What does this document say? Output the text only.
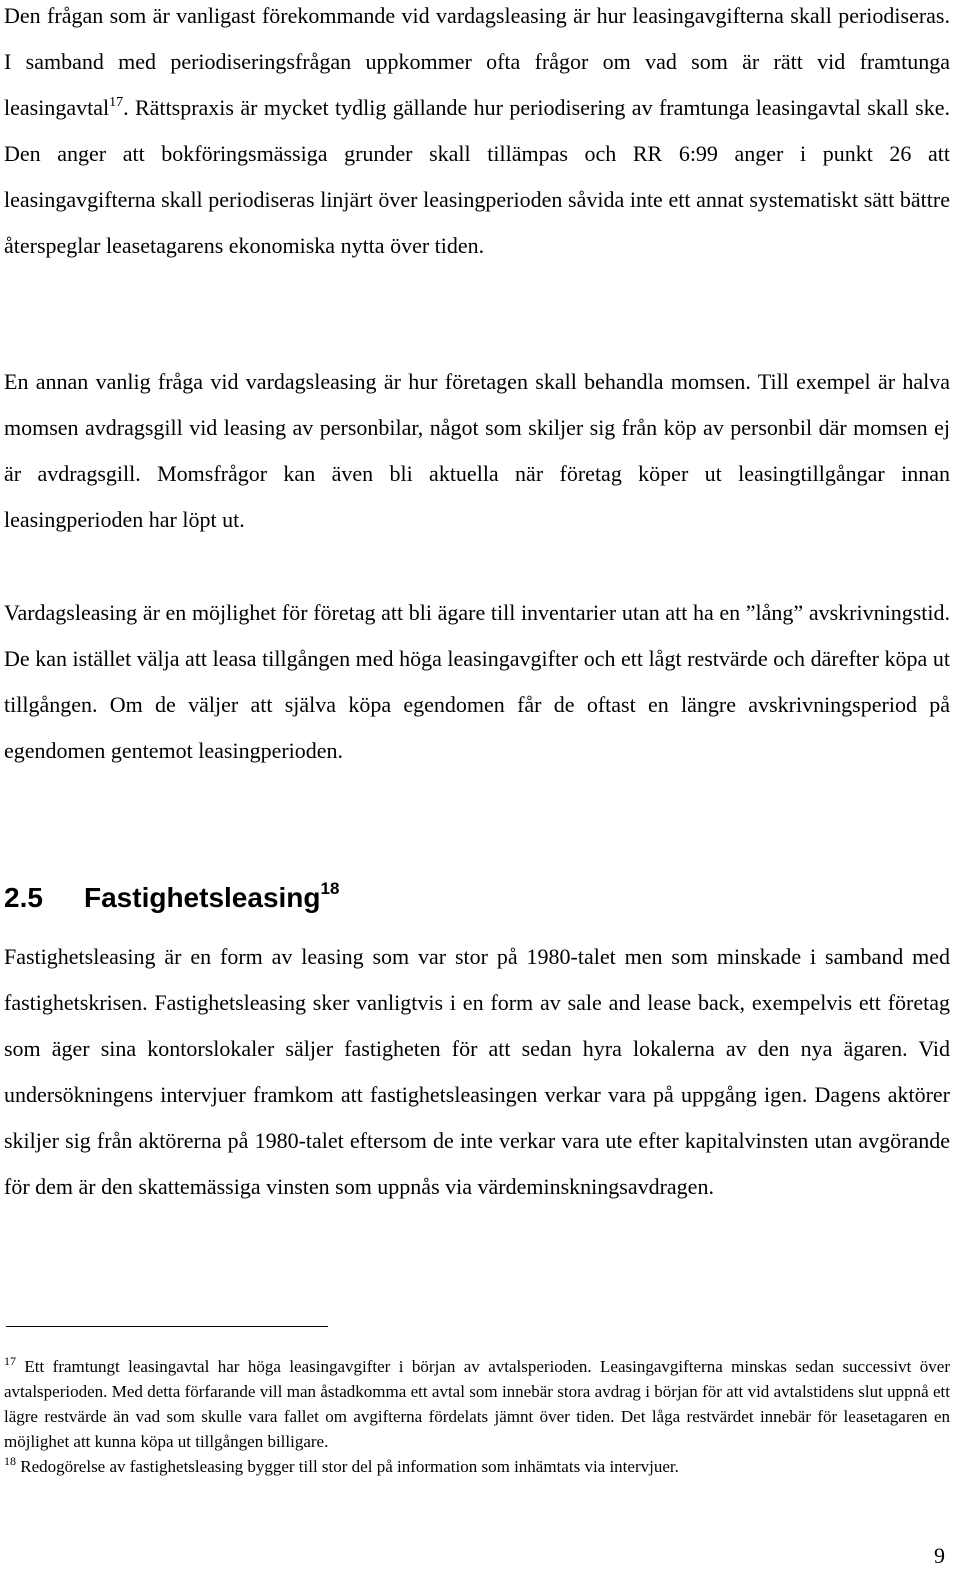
Den frågan som är vanligast förekommande vid vardagsleasing är hur leasingavgifterna skall periodiseras. I samband med periodiseringsfrågan uppkommer ofta frågor om vad som är rätt vid framtunga leasingavtal$^{17}$. Rättspraxis är mycket tydlig gällande hur periodisering av framtunga leasingavtal skall ske. Den anger att bokföringsmässiga grunder skall tillämpas och RR 6:99 anger i punkt 26 att leasingavgifterna skall periodiseras linjärt över leasingperioden såvida inte ett annat systematiskt sätt bättre återspeglar leasetagarens ekonomiska nytta över tiden.

En annan vanlig fråga vid vardagsleasing är hur företagen skall behandla momsen. Till exempel är halva momsen avdragsgill vid leasing av personbilar, något som skiljer sig från köp av personbil där momsen ej är avdragsgill. Momsfrågor kan även bli aktuella när företag köper ut leasingtillgångar innan leasingperioden har löpt ut.

Vardagsleasing är en möjlighet för företag att bli ägare till inventarier utan att ha en ”lång” avskrivningstid. De kan istället välja att leasa tillgången med höga leasingavgifter och ett lågt restvärde och därefter köpa ut tillgången. Om de väljer att själva köpa egendomen får de oftast en längre avskrivningsperiod på egendomen gentemot leasingperioden.

2.5 Fastighetsleasing$^{18}$

Fastighetsleasing är en form av leasing som var stor på 1980-talet men som minskade i samband med fastighetskrisen. Fastighetsleasing sker vanligtvis i en form av sale and lease back, exempelvis ett företag som äger sina kontorslokaler säljer fastigheten för att sedan hyra lokalerna av den nya ägaren. Vid undersökningens intervjuer framkom att fastighetsleasingen verkar vara på uppgång igen. Dagens aktörer skiljer sig från aktörerna på 1980-talet eftersom de inte verkar vara ute efter kapitalvinsten utan avgörande för dem är den skattemässiga vinsten som uppnås via värdeminskningsavdragen.

$^{17}$ Ett framtungt leasingavtal har höga leasingavgifter i början av avtalsperioden. Leasingavgifterna minskas sedan successivt över avtalsperioden. Med detta förfarande vill man åstadkomma ett avtal som innebär stora avdrag i början för att vid avtalstidens slut uppnå ett lägre restvärde än vad som skulle vara fallet om avgifterna fördelats jämnt över tiden. Det låga restvärdet innebär för leasetagaren en möjlighet att kunna köpa ut tillgången billigare.

$^{18}$ Redogörelse av fastighetsleasing bygger till stor del på information som inhämtats via intervjuer.

9
